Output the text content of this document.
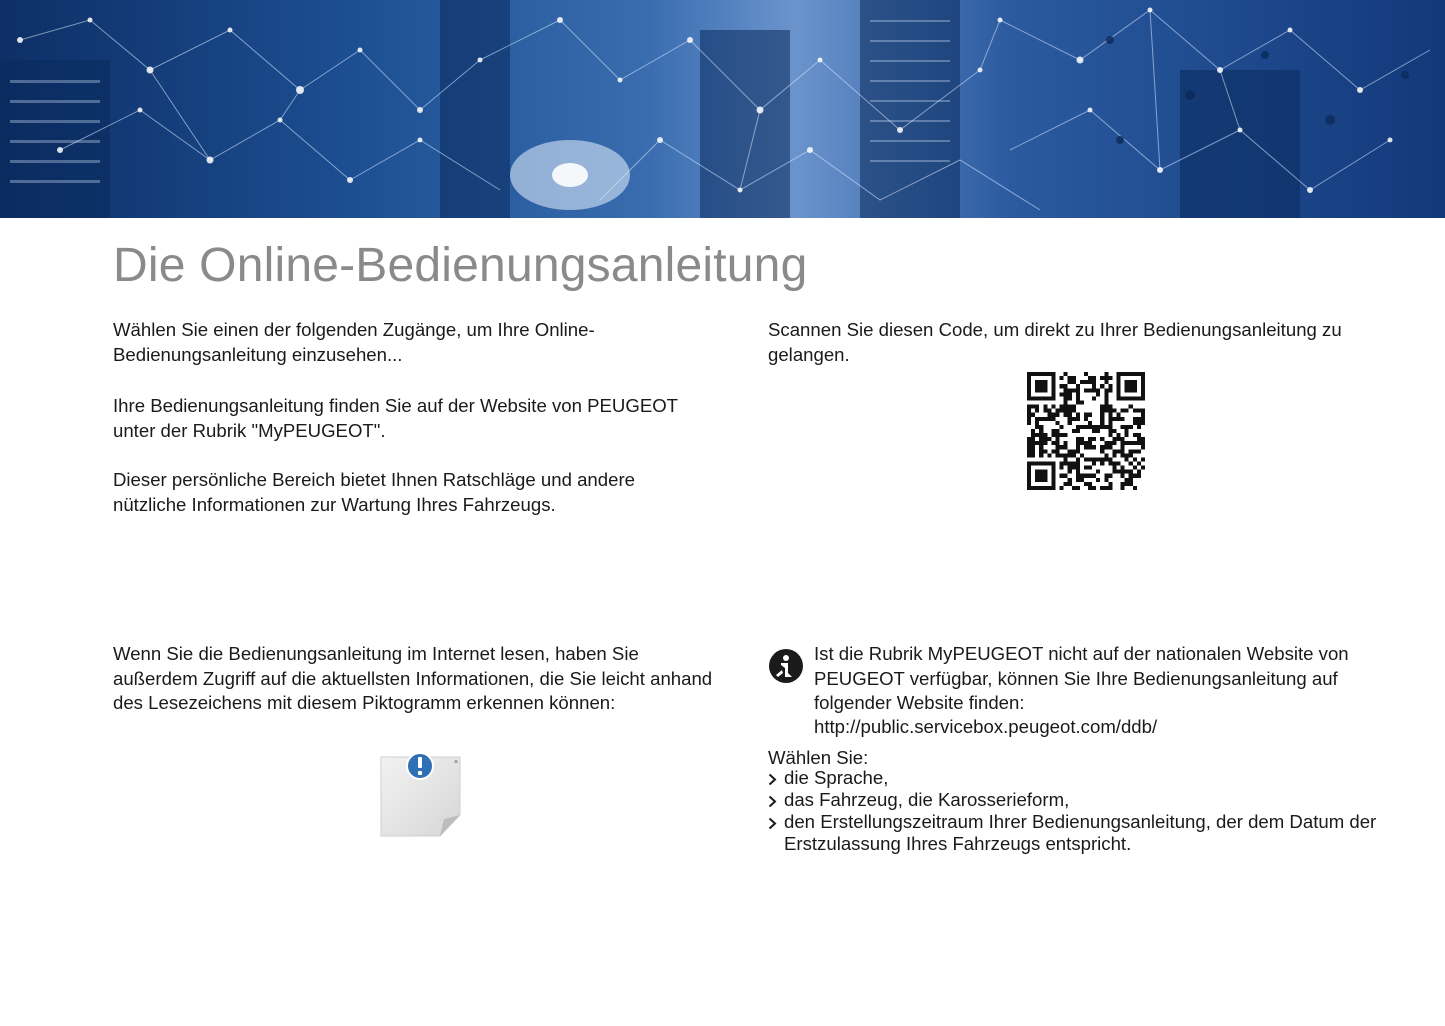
Die Online-Bedienungsanleitung

Wählen Sie einen der folgenden Zugänge, um Ihre Online-Bedienungsanleitung einzusehen...

Ihre Bedienungsanleitung finden Sie auf der Website von PEUGEOT unter der Rubrik "MyPEUGEOT".

Dieser persönliche Bereich bietet Ihnen Ratschläge und andere nützliche Informationen zur Wartung Ihres Fahrzeugs.

Wenn Sie die Bedienungsanleitung im Internet lesen, haben Sie außerdem Zugriff auf die aktuellsten Informationen, die Sie leicht anhand des Lesezeichens mit diesem Piktogramm erkennen können:

×

Scannen Sie diesen Code, um direkt zu Ihrer Bedienungsanleitung zu gelangen.

Ist die Rubrik MyPEUGEOT nicht auf der nationalen Website von PEUGEOT verfügbar, können Sie Ihre Bedienungsanleitung auf folgender Website finden:

http://public.servicebox.peugeot.com/ddb/

Wählen Sie:

die Sprache,
das Fahrzeug, die Karosserieform,
den Erstellungszeitraum Ihrer Bedienungsanleitung, der dem Datum der Erstzulassung Ihres Fahrzeugs entspricht.
